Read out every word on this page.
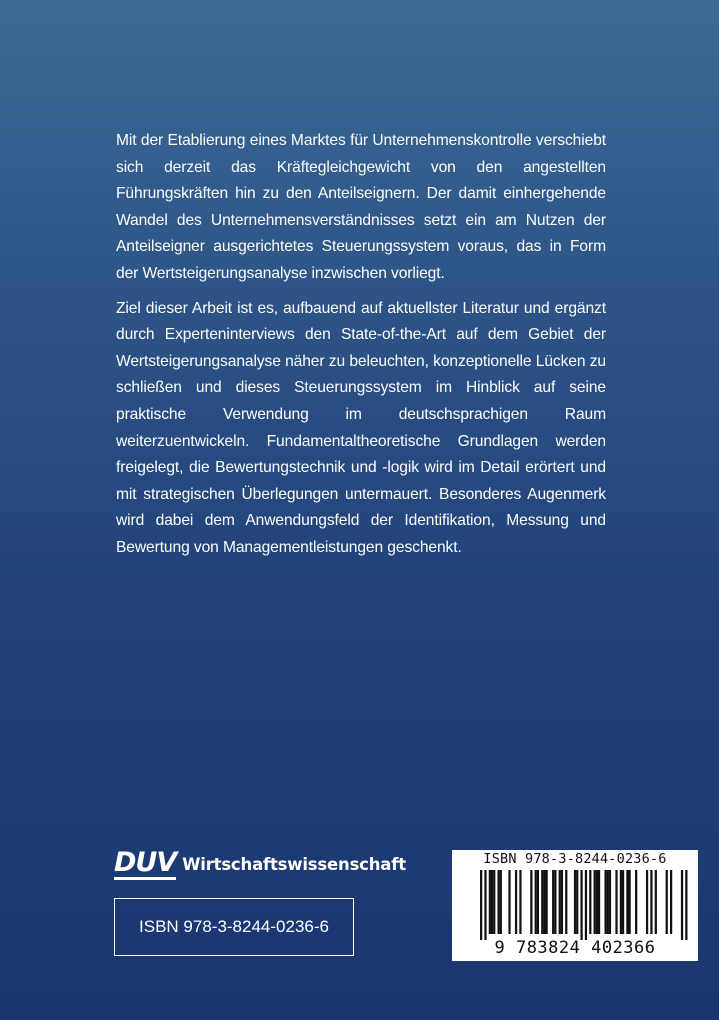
Mit der Etablierung eines Marktes für Unternehmenskontrolle verschiebt sich derzeit das Kräftegleichgewicht von den angestellten Führungskräften hin zu den Anteilseignern. Der damit einhergehende Wandel des Unternehmensverständnisses setzt ein am Nutzen der Anteilseigner ausgerichtetes Steuerungssystem voraus, das in Form der Wertsteigerungsanalyse inzwischen vorliegt.

Ziel dieser Arbeit ist es, aufbauend auf aktuellster Literatur und ergänzt durch Experteninterviews den State-of-the-Art auf dem Gebiet der Wertsteigerungsanalyse näher zu beleuchten, konzeptionelle Lücken zu schließen und dieses Steuerungssystem im Hinblick auf seine praktische Verwendung im deutschsprachigen Raum weiterzuentwickeln. Fundamentaltheoretische Grundlagen werden freigelegt, die Bewertungstechnik und -logik wird im Detail erörtert und mit strategischen Überlegungen untermauert. Besonderes Augenmerk wird dabei dem Anwendungsfeld der Identifikation, Messung und Bewertung von Managementleistungen geschenkt.

DUV Wirtschaftswissenschaft
ISBN 978-3-8244-0236-6
ISBN 978-3-8244-0236-6
9 783824 402366
